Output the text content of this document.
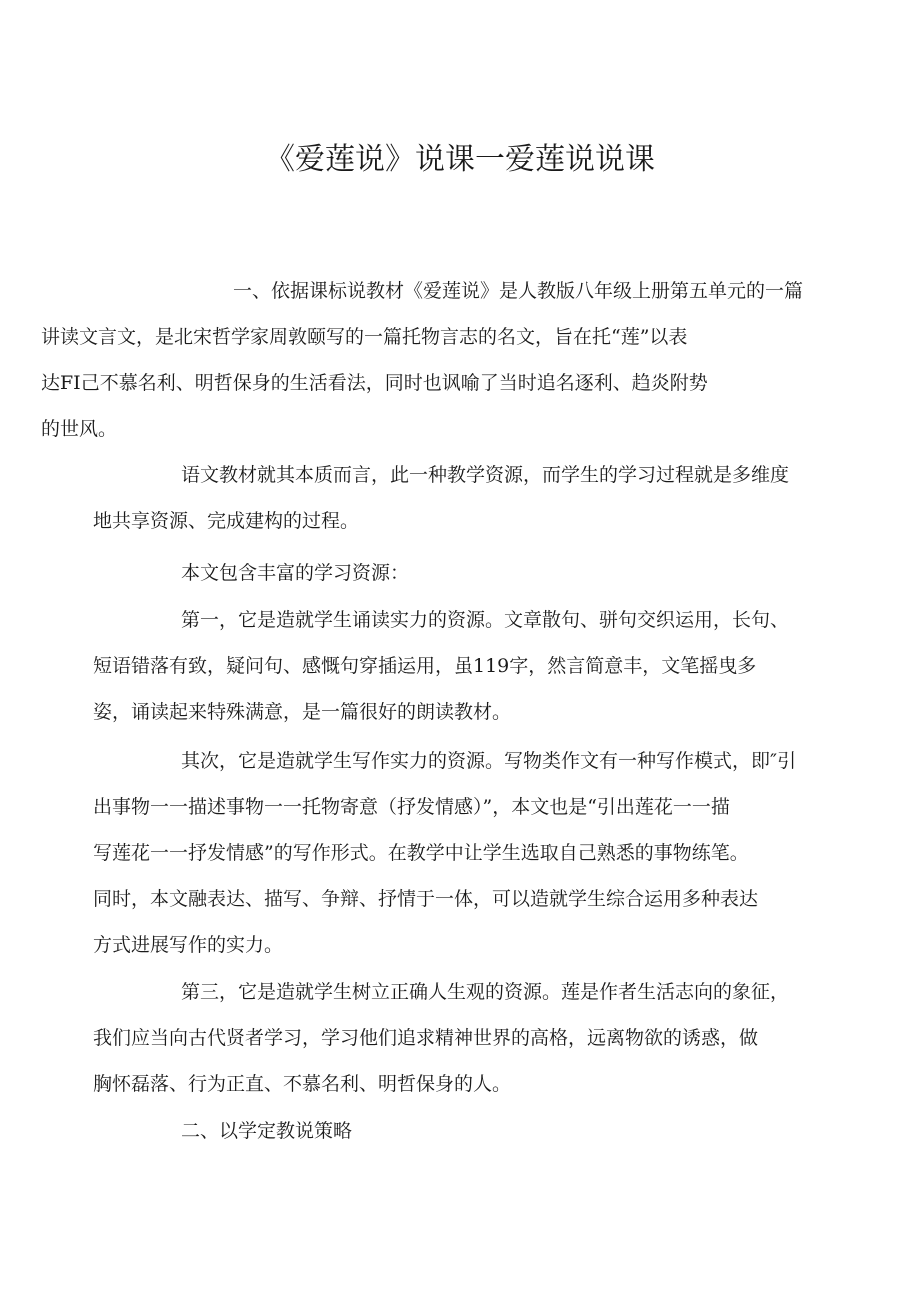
《爱莲说》说课一爱莲说说课
一、依据课标说教材《爱莲说》是人教版八年级上册第五单元的一篇
讲读文言文，是北宋哲学家周敦颐写的一篇托物言志的名文，旨在托“莲”以表
达FI己不慕名利、明哲保身的生活看法，同时也讽喻了当时追名逐利、趋炎附势
的世风。
语文教材就其本质而言，此一种教学资源，而学生的学习过程就是多维度
地共享资源、完成建构的过程。
本文包含丰富的学习资源：
第一，它是造就学生诵读实力的资源。文章散句、骈句交织运用，长句、
短语错落有致，疑问句、感慨句穿插运用，虽119字，然言简意丰，文笔摇曳多
姿，诵读起来特殊满意，是一篇很好的朗读教材。
其次，它是造就学生写作实力的资源。写物类作文有一种写作模式，即″引
出事物一一描述事物一一托物寄意（抒发情感）”，本文也是“引出莲花一一描
写莲花一一抒发情感”的写作形式。在教学中让学生选取自己熟悉的事物练笔。
同时，本文融表达、描写、争辩、抒情于一体，可以造就学生综合运用多种表达
方式进展写作的实力。
第三，它是造就学生树立正确人生观的资源。莲是作者生活志向的象征，
我们应当向古代贤者学习，学习他们追求精神世界的高格，远离物欲的诱惑，做
胸怀磊落、行为正直、不慕名利、明哲保身的人。
二、以学定教说策略
